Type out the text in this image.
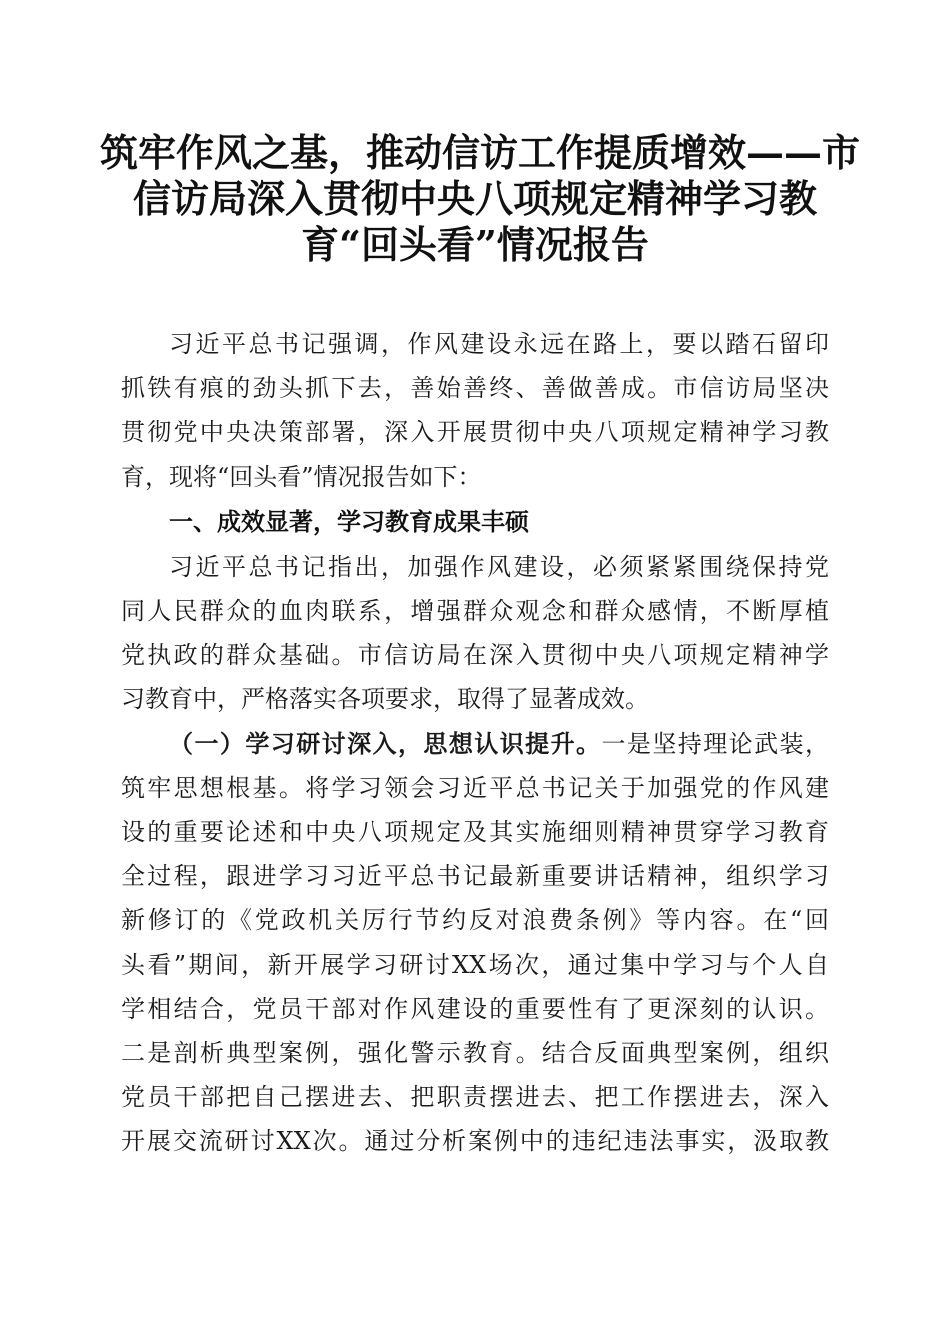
筑牢作风之基，推动信访工作提质增效——市
信访局深入贯彻中央八项规定精神学习教
育“回头看”情况报告
习近平总书记强调，作风建设永远在路上，要以踏石留印
抓铁有痕的劲头抓下去，善始善终、善做善成。市信访局坚决
贯彻党中央决策部署，深入开展贯彻中央八项规定精神学习教
育，现将“回头看”情况报告如下：
一、成效显著，学习教育成果丰硕
习近平总书记指出，加强作风建设，必须紧紧围绕保持党
同人民群众的血肉联系，增强群众观念和群众感情，不断厚植
党执政的群众基础。市信访局在深入贯彻中央八项规定精神学
习教育中，严格落实各项要求，取得了显著成效。
（一）学习研讨深入，思想认识提升。一是坚持理论武装，
筑牢思想根基。将学习领会习近平总书记关于加强党的作风建
设的重要论述和中央八项规定及其实施细则精神贯穿学习教育
全过程，跟进学习习近平总书记最新重要讲话精神，组织学习
新修订的《党政机关厉行节约反对浪费条例》等内容。在“回
头看”期间，新开展学习研讨XX场次，通过集中学习与个人自
学相结合，党员干部对作风建设的重要性有了更深刻的认识。
二是剖析典型案例，强化警示教育。结合反面典型案例，组织
党员干部把自己摆进去、把职责摆进去、把工作摆进去，深入
开展交流研讨XX次。通过分析案例中的违纪违法事实，汲取教
